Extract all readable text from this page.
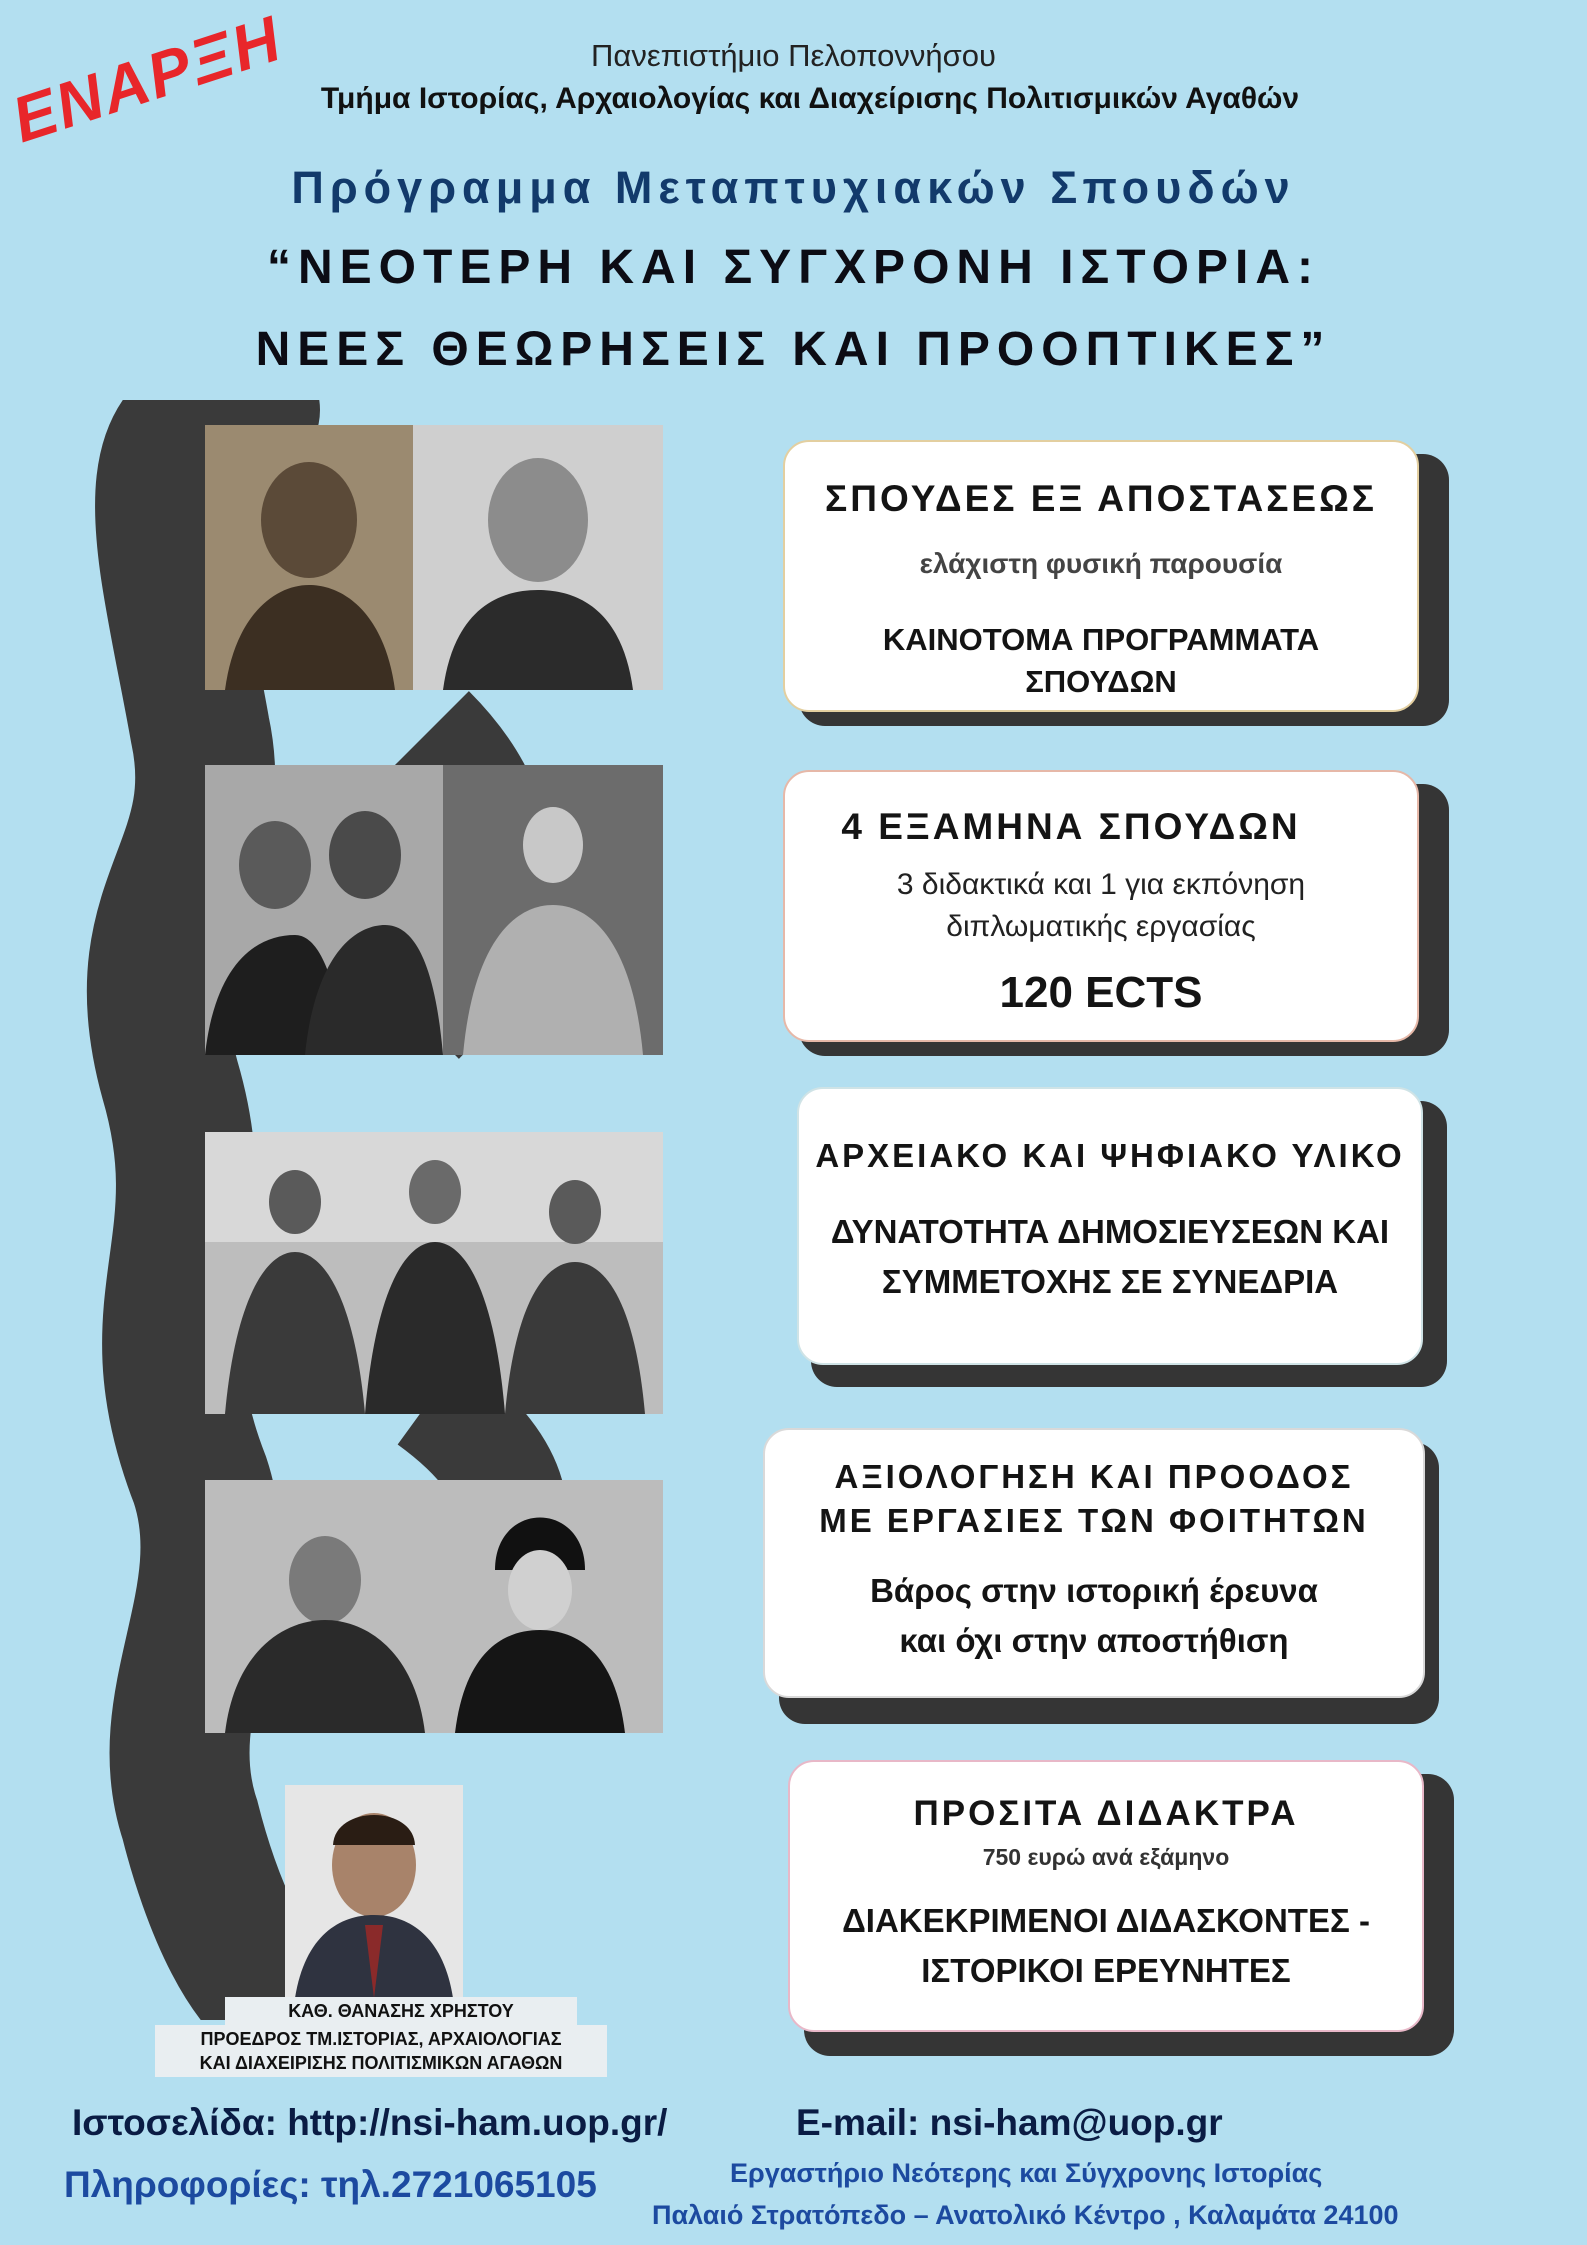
ΕΝΑΡΞΗ	Πανεπιστήμιο Πελοποννήσου
Τμήμα Ιστορίας, Αρχαιολογίας και Διαχείρισης Πολιτισμικών Αγαθών
Πρόγραμμα Μεταπτυχιακών Σπουδών
“ΝΕΟΤΕΡΗ ΚΑΙ ΣΥΓΧΡΟΝΗ ΙΣΤΟΡΙΑ:
ΝΕΕΣ ΘΕΩΡΗΣΕΙΣ ΚΑΙ ΠΡΟΟΠΤΙΚΕΣ”
ΚΑΘ. ΘΑΝΑΣΗΣ ΧΡΗΣΤΟΥ
ΠΡΟΕΔΡΟΣ ΤΜ.ΙΣΤΟΡΙΑΣ, ΑΡΧΑΙΟΛΟΓΙΑΣ
ΚΑΙ ΔΙΑΧΕΙΡΙΣΗΣ ΠΟΛΙΤΙΣΜΙΚΩΝ ΑΓΑΘΩΝ
ΣΠΟΥΔΕΣ ΕΞ ΑΠΟΣΤΑΣΕΩΣ
ελάχιστη φυσική παρουσία
ΚΑΙΝΟΤΟΜΑ ΠΡΟΓΡΑΜΜΑΤΑ
ΣΠΟΥΔΩΝ
4 ΕΞΑΜΗΝΑ ΣΠΟΥΔΩΝ
3 διδακτικά και 1 για εκπόνηση
διπλωματικής εργασίας
120 ECTS
ΑΡΧΕΙΑΚΟ ΚΑΙ ΨΗΦΙΑΚΟ ΥΛΙΚΟ
ΔΥΝΑΤΟΤΗΤΑ ΔΗΜΟΣΙΕΥΣΕΩΝ ΚΑΙ
ΣΥΜΜΕΤΟΧΗΣ ΣΕ ΣΥΝΕΔΡΙΑ
ΑΞΙΟΛΟΓΗΣΗ ΚΑΙ ΠΡΟΟΔΟΣ
ΜΕ ΕΡΓΑΣΙΕΣ ΤΩΝ ΦΟΙΤΗΤΩΝ
Βάρος στην ιστορική έρευνα
και όχι στην αποστήθιση
ΠΡΟΣΙΤΑ ΔΙΔΑΚΤΡΑ
750 ευρώ ανά εξάμηνο
ΔΙΑΚΕΚΡΙΜΕΝΟΙ ΔΙΔΑΣΚΟΝΤΕΣ -
ΙΣΤΟΡΙΚΟΙ ΕΡΕΥΝΗΤΕΣ
Ιστοσελίδα: http://nsi-ham.uop.gr/	E-mail: nsi-ham@uop.gr
Πληροφορίες: τηλ.2721065105	Εργαστήριο Νεότερης και Σύγχρονης Ιστορίας
Παλαιό Στρατόπεδο – Ανατολικό Κέντρο , Καλαμάτα 24100
